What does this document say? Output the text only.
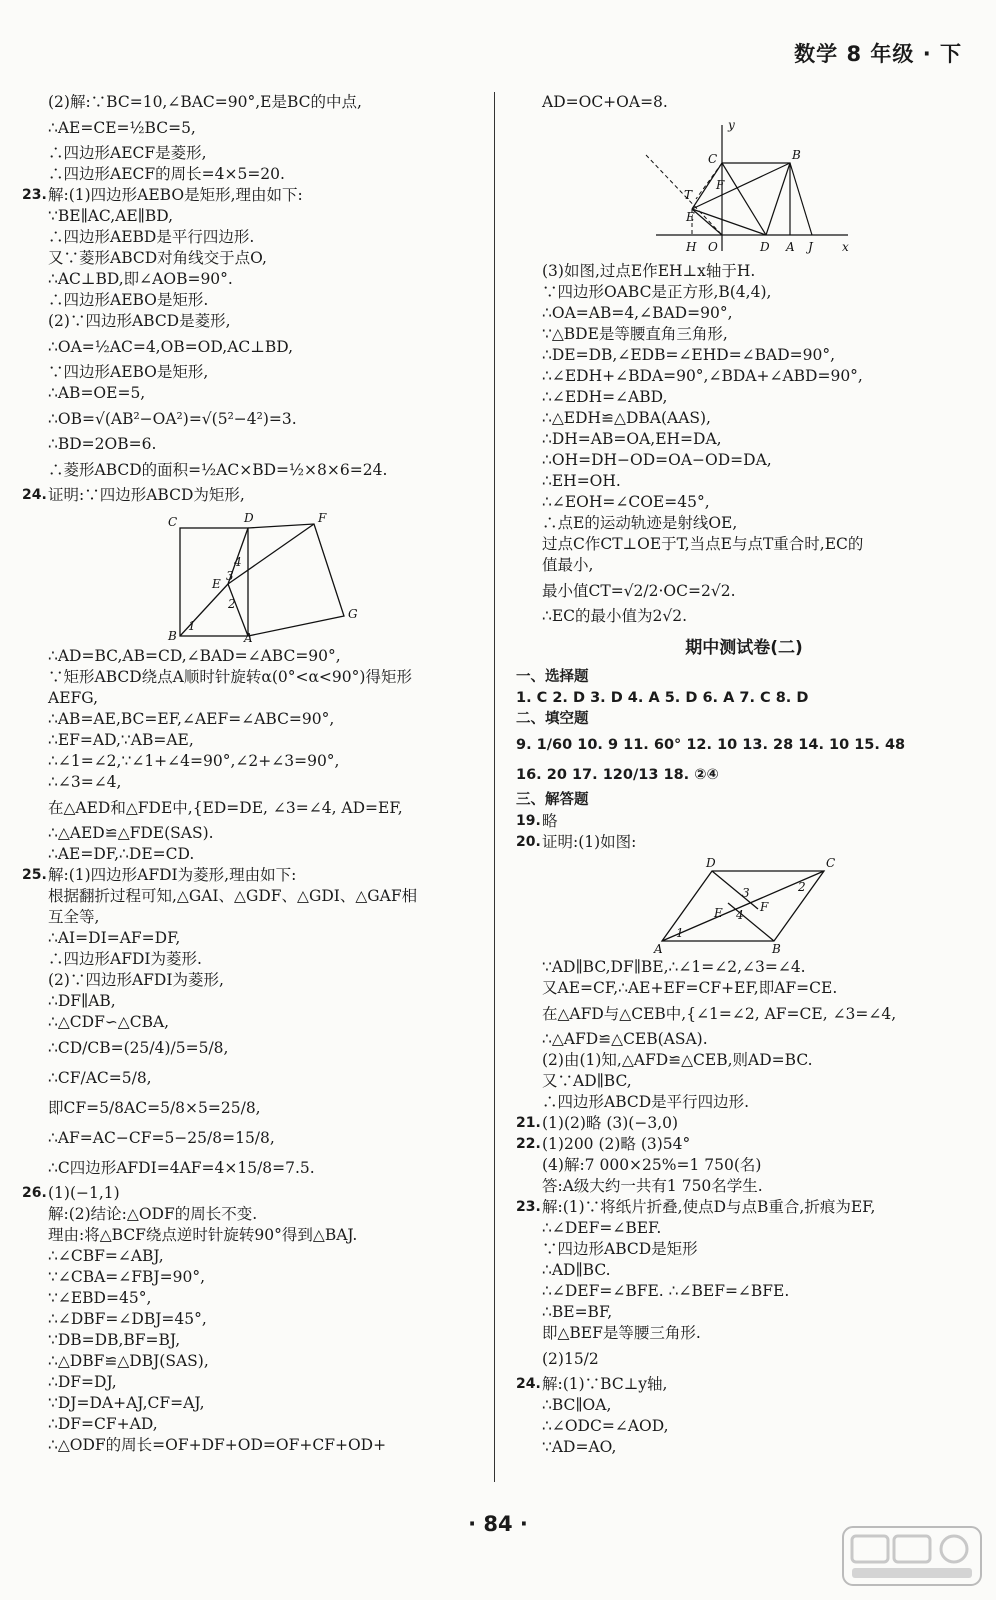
数学 8 年级 · 下
(2)解:∵BC=10,∠BAC=90°,E是BC的中点,
∴AE=CE=½BC=5,
∴四边形AECF是菱形,
∴四边形AECF的周长=4×5=20.
23. 解:(1)四边形AEBO是矩形,理由如下:
∵BE∥AC,AE∥BD,
∴四边形AEBD是平行四边形.
又∵菱形ABCD对角线交于点O,
∴AC⊥BD,即∠AOB=90°.
∴四边形AEBO是矩形.
(2)∵四边形ABCD是菱形,
∴OA=½AC=4,OB=OD,AC⊥BD,
∵四边形AEBO是矩形,
∴AB=OE=5,
∴OB=√(AB²−OA²)=√(5²−4²)=3.
∴BD=2OB=6.
∴菱形ABCD的面积=½AC×BD=½×8×6=24.
24. 证明:∵四边形ABCD为矩形,
C	D	F
E
4
3
2
1
B	A
G
∴AD=BC,AB=CD,∠BAD=∠ABC=90°,
∵矩形ABCD绕点A顺时针旋转α(0°<α<90°)得矩形
AEFG,
∴AB=AE,BC=EF,∠AEF=∠ABC=90°,
∴EF=AD,∵AB=AE,
∴∠1=∠2,∵∠1+∠4=90°,∠2+∠3=90°,
∴∠3=∠4,
在△AED和△FDE中,{ED=DE, ∠3=∠4, AD=EF,
∴△AED≌△FDE(SAS).
∴AE=DF,∴DE=CD.
25. 解:(1)四边形AFDI为菱形,理由如下:
根据翻折过程可知,△GAI、△GDF、△GDI、△GAF相
互全等,
∴AI=DI=AF=DF,
∴四边形AFDI为菱形.
(2)∵四边形AFDI为菱形,
∴DF∥AB,
∴△CDF∽△CBA,
∴CD/CB=(25/4)/5=5/8,
∴CF/AC=5/8,
即CF=5/8AC=5/8×5=25/8,
∴AF=AC−CF=5−25/8=15/8,
∴C四边形AFDI=4AF=4×15/8=7.5.
26. (1)(−1,1)
解:(2)结论:△ODF的周长不变.
理由:将△BCF绕点逆时针旋转90°得到△BAJ.
∴∠CBF=∠ABJ,
∵∠CBA=∠FBJ=90°,
∵∠EBD=45°,
∴∠DBF=∠DBJ=45°,
∵DB=DB,BF=BJ,
∴△DBF≌△DBJ(SAS),
∴DF=DJ,
∵DJ=DA+AJ,CF=AJ,
∴DF=CF+AD,
∴△ODF的周长=OF+DF+OD=OF+CF+OD+
AD=OC+OA=8.
y
C	B
F
T
E
H O	D A J x
(3)如图,过点E作EH⊥x轴于H.
∵四边形OABC是正方形,B(4,4),
∴OA=AB=4,∠BAD=90°,
∵△BDE是等腰直角三角形,
∴DE=DB,∠EDB=∠EHD=∠BAD=90°,
∴∠EDH+∠BDA=90°,∠BDA+∠ABD=90°,
∴∠EDH=∠ABD,
∴△EDH≌△DBA(AAS),
∴DH=AB=OA,EH=DA,
∴OH=DH−OD=OA−OD=DA,
∴EH=OH.
∴∠EOH=∠COE=45°,
∴点E的运动轨迹是射线OE,
过点C作CT⊥OE于T,当点E与点T重合时,EC的
值最小,
最小值CT=√2/2·OC=2√2.
∴EC的最小值为2√2.
期中测试卷(二)
一、选择题
1. C 2. D 3. D 4. A 5. D 6. A 7. C 8. D
二、填空题
9. 1/60 10. 9 11. 60° 12. 10 13. 28 14. 10 15. 48
16. 20 17. 120/13 18. ②④
三、解答题
19. 略
20. 证明:(1)如图:
D	C
3	2
E	F
1
4
A	B
∵AD∥BC,DF∥BE,∴∠1=∠2,∠3=∠4.
又AE=CF,∴AE+EF=CF+EF,即AF=CE.
在△AFD与△CEB中,{∠1=∠2, AF=CE, ∠3=∠4,
∴△AFD≌△CEB(ASA).
(2)由(1)知,△AFD≌△CEB,则AD=BC.
又∵AD∥BC,
∴四边形ABCD是平行四边形.
21. (1)(2)略 (3)(−3,0)
22. (1)200 (2)略 (3)54°
(4)解:7 000×25%=1 750(名)
答:A级大约一共有1 750名学生.
23. 解:(1)∵将纸片折叠,使点D与点B重合,折痕为EF,
∴∠DEF=∠BEF.
∵四边形ABCD是矩形
∴AD∥BC.
∴∠DEF=∠BFE. ∴∠BEF=∠BFE.
∴BE=BF,
即△BEF是等腰三角形.
(2)15/2
24. 解:(1)∵BC⊥y轴,
∴BC∥OA,
∴∠ODC=∠AOD,
∵AD=AO,
· 84 ·
